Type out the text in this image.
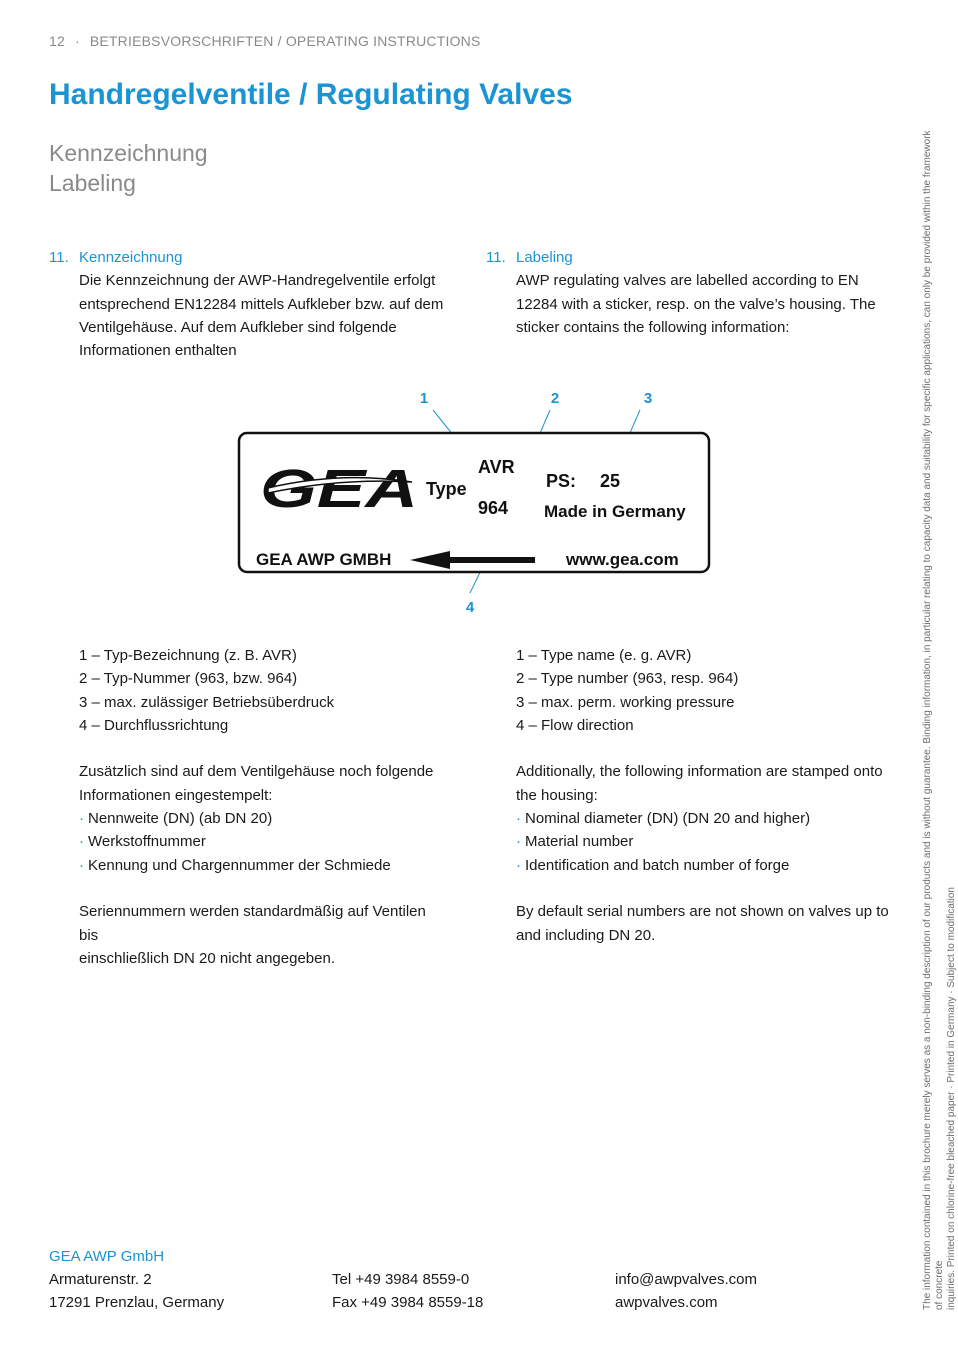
12 · BETRIEBSVORSCHRIFTEN / OPERATING INSTRUCTIONS
Handregelventile / Regulating Valves
Kennzeichnung
Labeling
11. Kennzeichnung
Die Kennzeichnung der AWP-Handregelventile erfolgt
entsprechend EN12284 mittels Aufkleber bzw. auf dem
Ventilgehäuse. Auf dem Aufkleber sind folgende
Informationen enthalten
11. Labeling
AWP regulating valves are labelled according to EN
12284 with a sticker, resp. on the valve’s housing. The
sticker contains the following information:
1	2	3
4
GEA Type
AVR
964
PS: 25
Made in Germany
GEA AWP GMBH	www.gea.com
1 – Typ-Bezeichnung (z. B. AVR)
2 – Typ-Nummer (963, bzw. 964)
3 – max. zulässiger Betriebsüberdruck
4 – Durchflussrichtung
Zusätzlich sind auf dem Ventilgehäuse noch folgende
Informationen eingestempelt:
· Nennweite (DN) (ab DN 20)
· Werkstoffnummer
· Kennung und Chargennummer der Schmiede
Seriennummern werden standardmäßig auf Ventilen bis
einschließlich DN 20 nicht angegeben.
1 – Type name (e. g. AVR)
2 – Type number (963, resp. 964)
3 – max. perm. working pressure
4 – Flow direction
Additionally, the following information are stamped onto
the housing:
· Nominal diameter (DN) (DN 20 and higher)
· Material number
· Identification and batch number of forge
By default serial numbers are not shown on valves up to
and including DN 20.	The information contained in this brochure merely serves as a non-binding description of our products and is without guarantee. Binding information, in particular relating to capacity data and suitability for specific applications, can only be provided within the framework of concrete inquiries. Printed on chlorine-free bleached paper · Printed in Germany · Subject to modification
GEA AWP GmbH
Armaturenstr. 2
17291 Prenzlau, Germany
Tel +49 3984 8559-0
Fax +49 3984 8559-18
info@awpvalves.com
awpvalves.com
